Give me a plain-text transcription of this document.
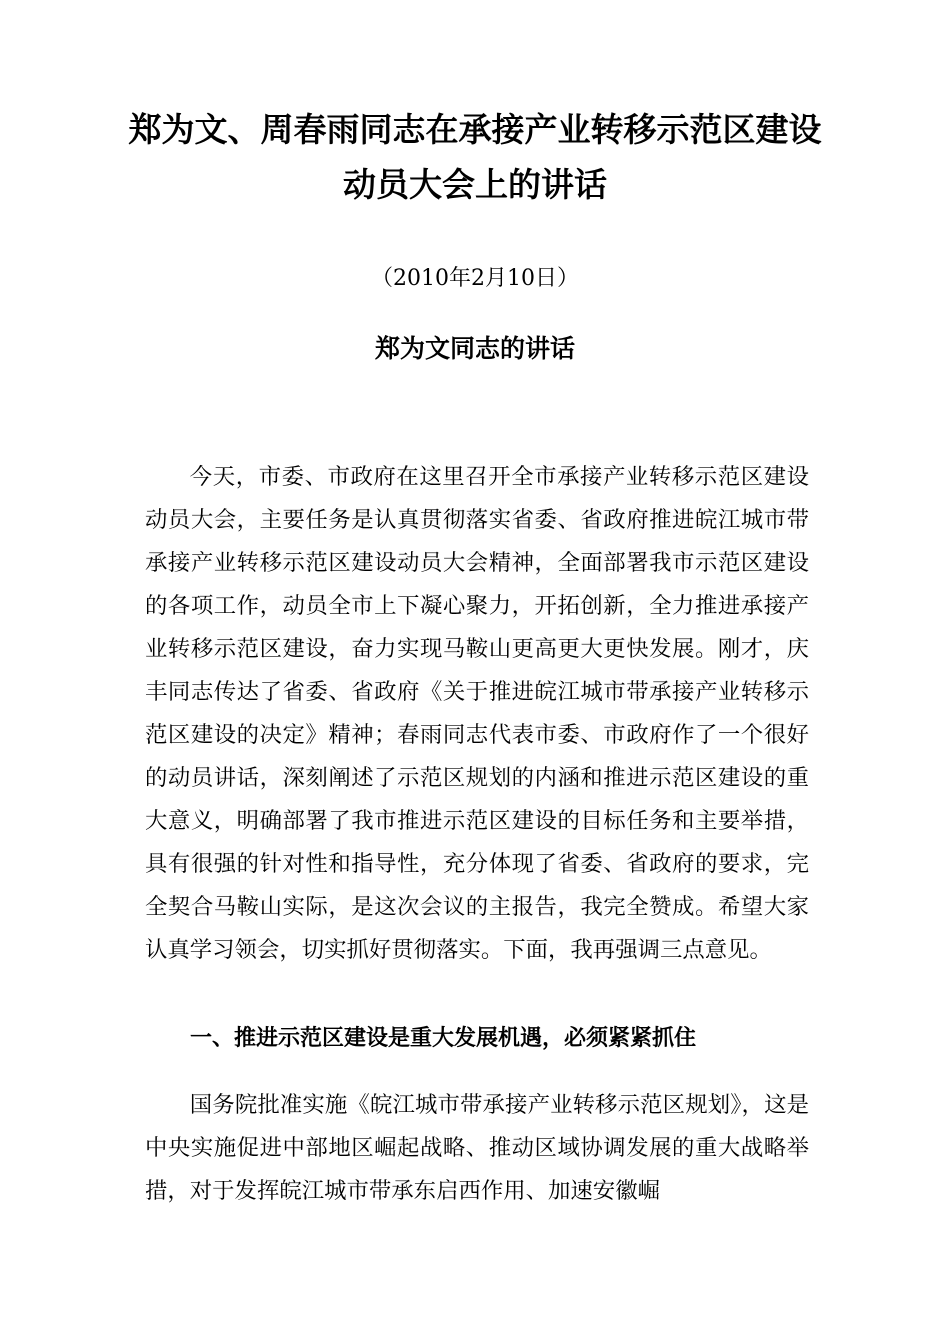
郑为文、周春雨同志在承接产业转移示范区建设
动员大会上的讲话
（2010年2月10日）
郑为文同志的讲话

今天，市委、市政府在这里召开全市承接产业转移示范区建设动员大会，主要任务是认真贯彻落实省委、省政府推进皖江城市带承接产业转移示范区建设动员大会精神，全面部署我市示范区建设的各项工作，动员全市上下凝心聚力，开拓创新，全力推进承接产业转移示范区建设，奋力实现马鞍山更高更大更快发展。刚才，庆丰同志传达了省委、省政府《关于推进皖江城市带承接产业转移示范区建设的决定》精神；春雨同志代表市委、市政府作了一个很好的动员讲话，深刻阐述了示范区规划的内涵和推进示范区建设的重大意义，明确部署了我市推进示范区建设的目标任务和主要举措，具有很强的针对性和指导性，充分体现了省委、省政府的要求，完全契合马鞍山实际，是这次会议的主报告，我完全赞成。希望大家认真学习领会，切实抓好贯彻落实。下面，我再强调三点意见。

一、推进示范区建设是重大发展机遇，必须紧紧抓住

国务院批准实施《皖江城市带承接产业转移示范区规划》，这是中央实施促进中部地区崛起战略、推动区域协调发展的重大战略举措，对于发挥皖江城市带承东启西作用、加速安徽崛
